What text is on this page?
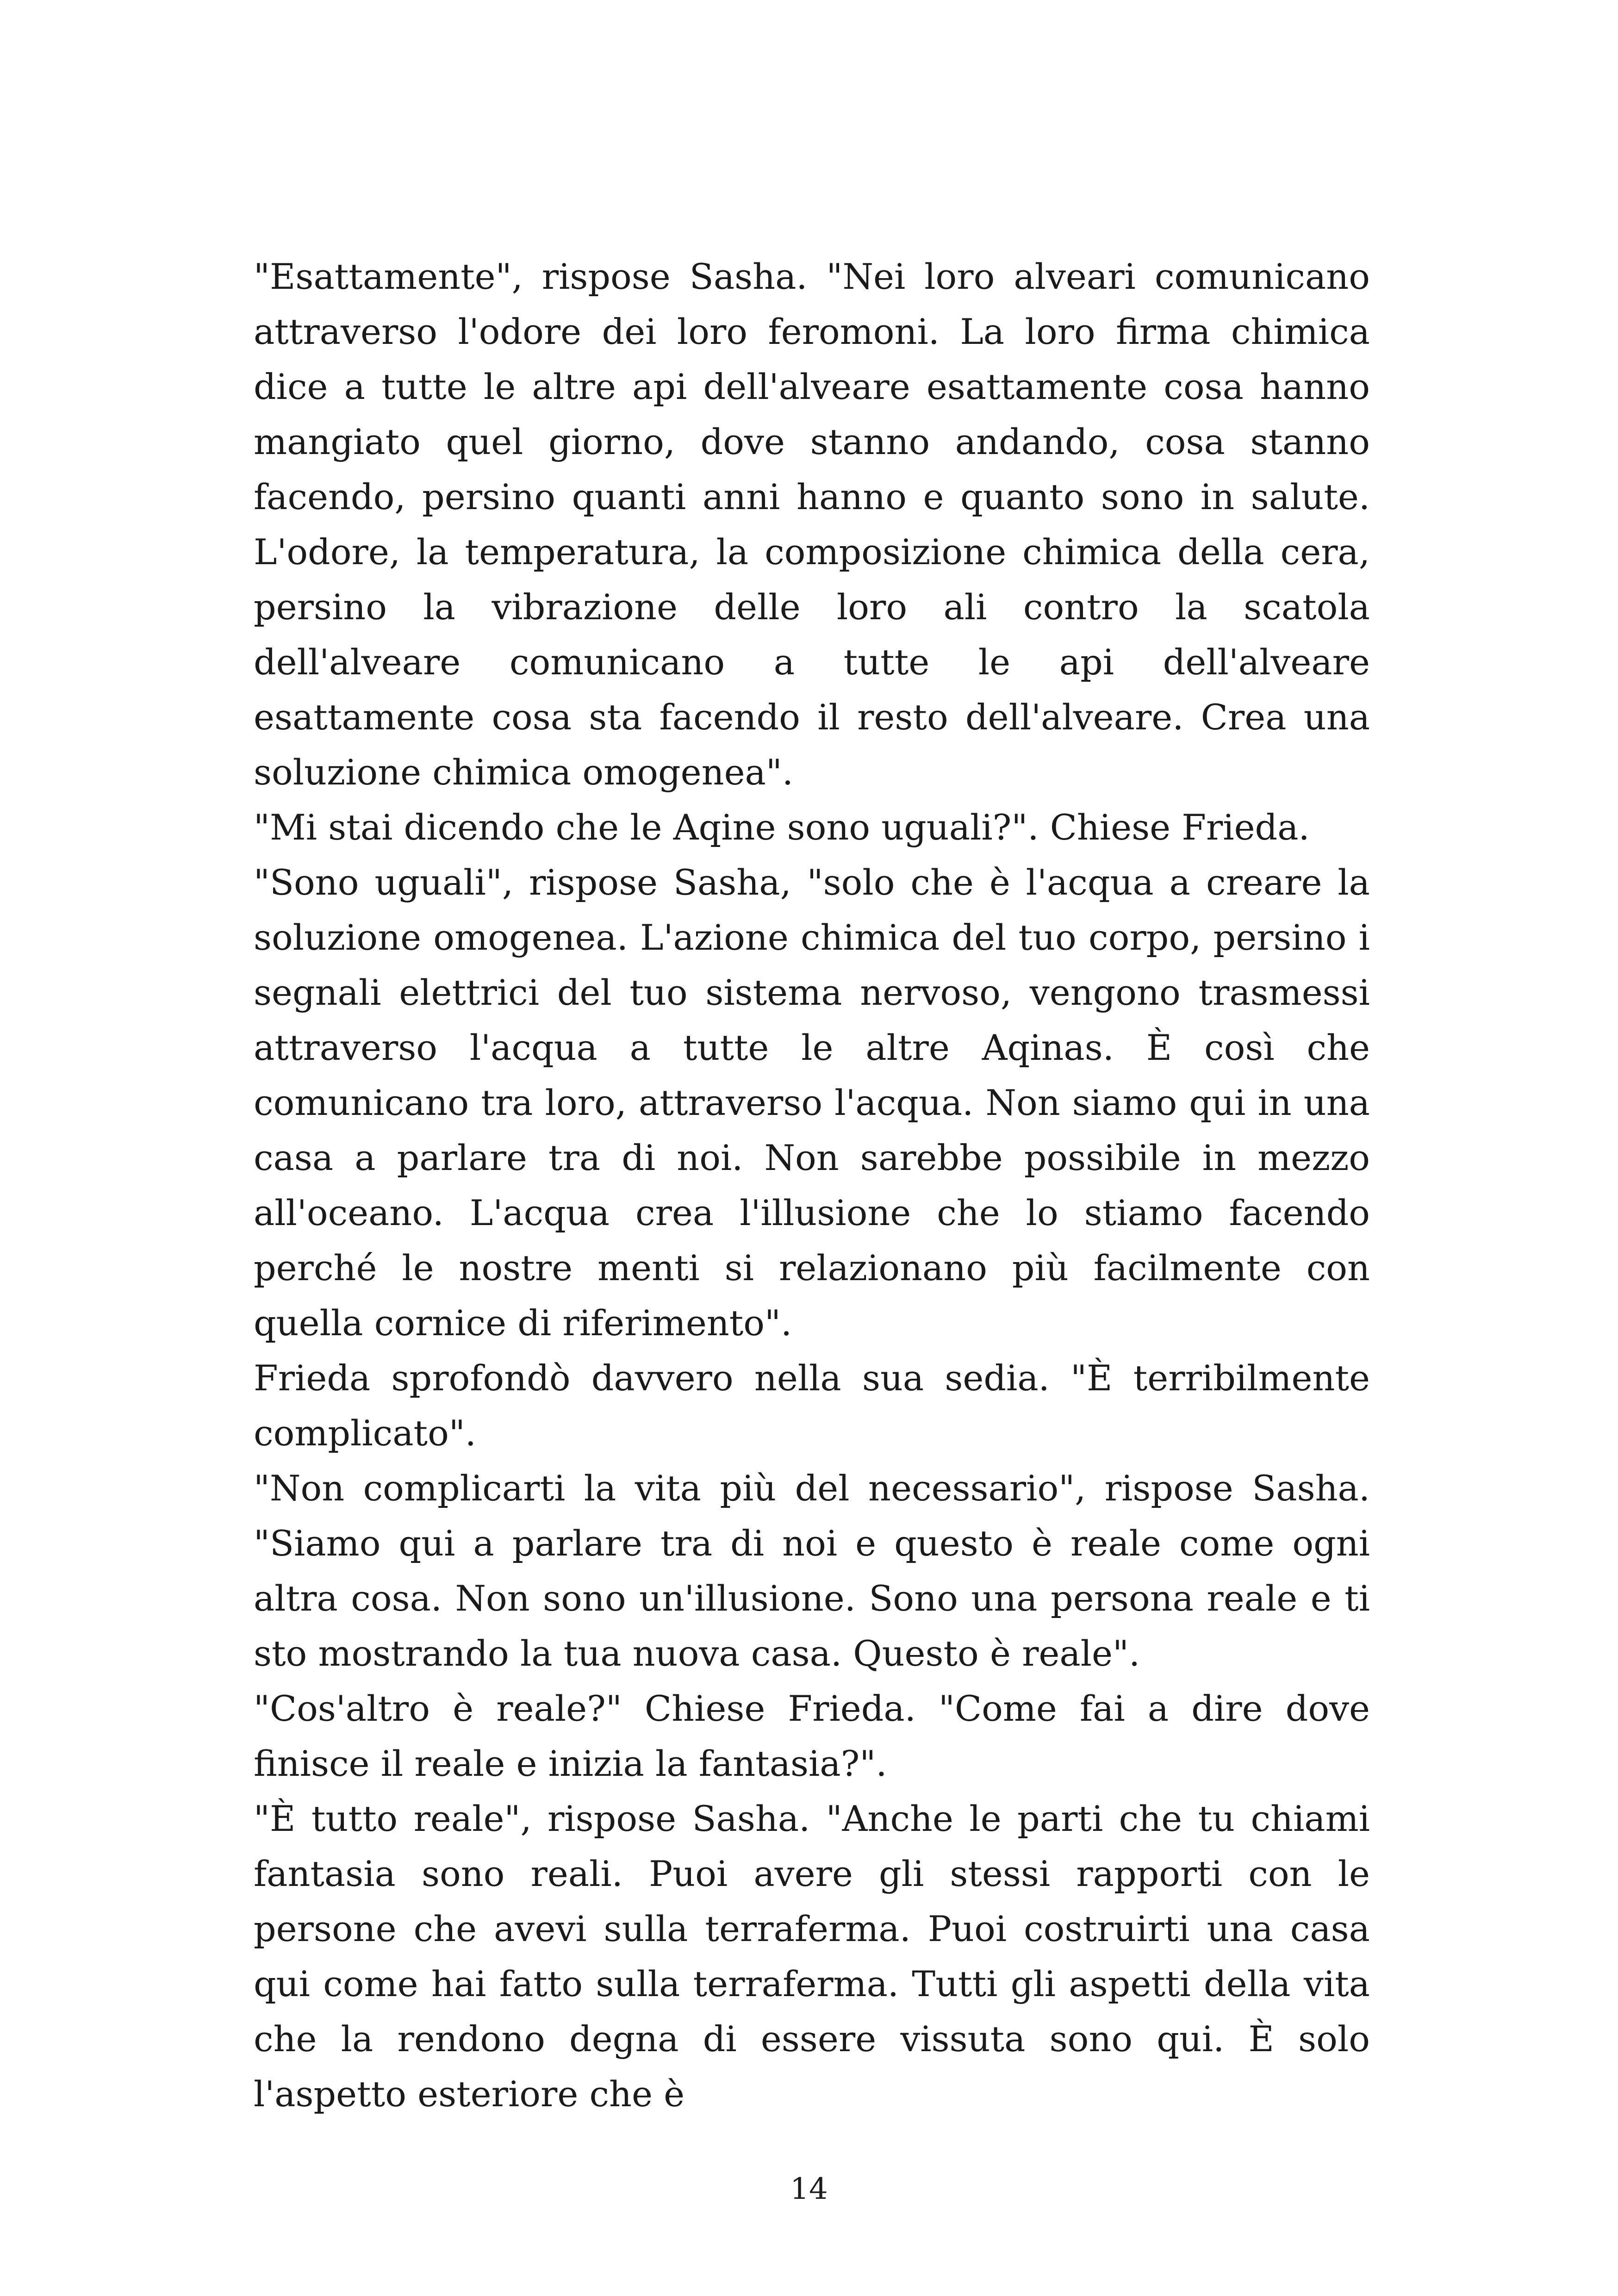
"Esattamente", rispose Sasha. "Nei loro alveari comunicano attraverso l'odore dei loro feromoni. La loro firma chimica dice a tutte le altre api dell'alveare esattamente cosa hanno mangiato quel giorno, dove stanno andando, cosa stanno facendo, persino quanti anni hanno e quanto sono in salute. L'odore, la temperatura, la composizione chimica della cera, persino la vibrazione delle loro ali contro la scatola dell'alveare comunicano a tutte le api dell'alveare esattamente cosa sta facendo il resto dell'alveare. Crea una soluzione chimica omogenea".

"Mi stai dicendo che le Aqine sono uguali?". Chiese Frieda.

"Sono uguali", rispose Sasha, "solo che è l'acqua a creare la soluzione omogenea. L'azione chimica del tuo corpo, persino i segnali elettrici del tuo sistema nervoso, vengono trasmessi attraverso l'acqua a tutte le altre Aqinas. È così che comunicano tra loro, attraverso l'acqua. Non siamo qui in una casa a parlare tra di noi. Non sarebbe possibile in mezzo all'oceano. L'acqua crea l'illusione che lo stiamo facendo perché le nostre menti si relazionano più facilmente con quella cornice di riferimento".

Frieda sprofondò davvero nella sua sedia. "È terribilmente complicato".

"Non complicarti la vita più del necessario", rispose Sasha. "Siamo qui a parlare tra di noi e questo è reale come ogni altra cosa. Non sono un'illusione. Sono una persona reale e ti sto mostrando la tua nuova casa. Questo è reale".

"Cos'altro è reale?" Chiese Frieda. "Come fai a dire dove finisce il reale e inizia la fantasia?".

"È tutto reale", rispose Sasha. "Anche le parti che tu chiami fantasia sono reali. Puoi avere gli stessi rapporti con le persone che avevi sulla terraferma. Puoi costruirti una casa qui come hai fatto sulla terraferma. Tutti gli aspetti della vita che la rendono degna di essere vissuta sono qui. È solo l'aspetto esteriore che è

14
